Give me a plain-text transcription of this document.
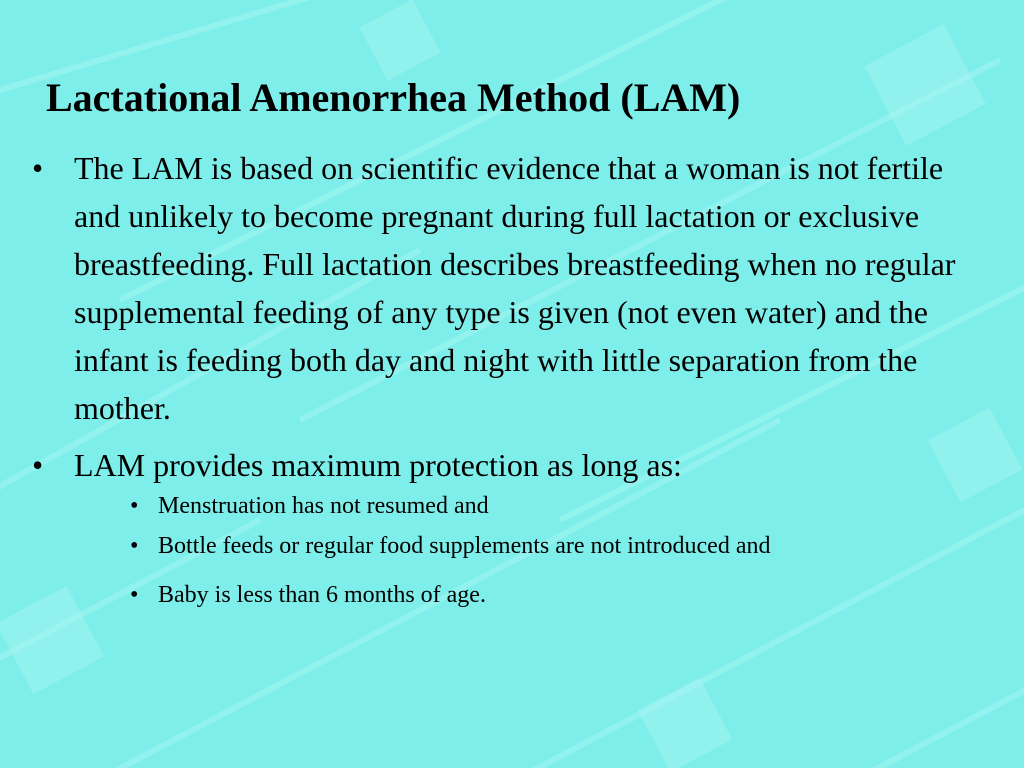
Lactational Amenorrhea Method (LAM)
• The LAM is based on scientific evidence that a woman is not fertile and unlikely to become pregnant during full lactation or exclusive breastfeeding. Full lactation describes breastfeeding when no regular supplemental feeding of any type is given (not even water) and the infant is feeding both day and night with little separation from the mother.
• LAM provides maximum protection as long as:
• Menstruation has not resumed and
• Bottle feeds or regular food supplements are not introduced and
• Baby is less than 6 months of age.
